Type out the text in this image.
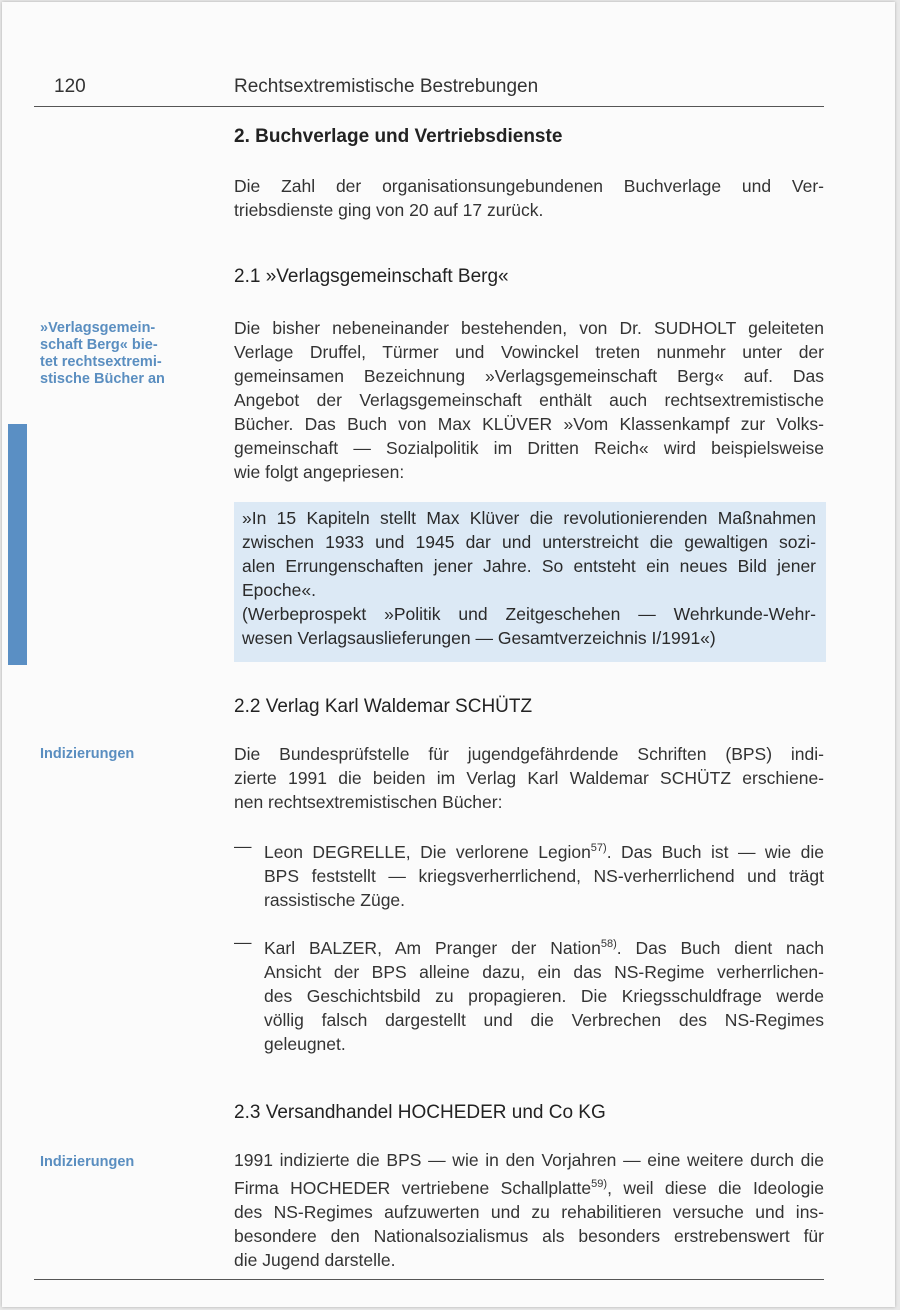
120	Rechtsextremistische Bestrebungen
2. Buchverlage und Vertriebsdienste
Die Zahl der organisationsungebundenen Buchverlage und Ver-
triebsdienste ging von 20 auf 17 zurück.
2.1 »Verlagsgemeinschaft Berg«
»Verlagsgemein-
schaft Berg« bie-
tet rechtsextremi-
stische Bücher an
Die bisher nebeneinander bestehenden, von Dr. SUDHOLT geleiteten
Verlage Druffel, Türmer und Vowinckel treten nunmehr unter der
gemeinsamen Bezeichnung »Verlagsgemeinschaft Berg« auf. Das
Angebot der Verlagsgemeinschaft enthält auch rechtsextremistische
Bücher. Das Buch von Max KLÜVER »Vom Klassenkampf zur Volks-
gemeinschaft — Sozialpolitik im Dritten Reich« wird beispielsweise
wie folgt angepriesen:
»In 15 Kapiteln stellt Max Klüver die revolutionierenden Maßnahmen
zwischen 1933 und 1945 dar und unterstreicht die gewaltigen sozi-
alen Errungenschaften jener Jahre. So entsteht ein neues Bild jener
Epoche«.
(Werbeprospekt »Politik und Zeitgeschehen — Wehrkunde-Wehr-
wesen Verlagsauslieferungen — Gesamtverzeichnis I/1991«)
2.2 Verlag Karl Waldemar SCHÜTZ
Indizierungen	Die Bundesprüfstelle für jugendgefährdende Schriften (BPS) indi-
zierte 1991 die beiden im Verlag Karl Waldemar SCHÜTZ erschiene-
nen rechtsextremistischen Bücher:
— Leon DEGRELLE, Die verlorene Legion$^{57)}$. Das Buch ist — wie die
BPS feststellt — kriegsverherrlichend, NS-verherrlichend und trägt
rassistische Züge.
— Karl BALZER, Am Pranger der Nation$^{58)}$. Das Buch dient nach
Ansicht der BPS alleine dazu, ein das NS-Regime verherrlichen-
des Geschichtsbild zu propagieren. Die Kriegsschuldfrage werde
völlig falsch dargestellt und die Verbrechen des NS-Regimes
geleugnet.
2.3 Versandhandel HOCHEDER und Co KG
Indizierungen	1991 indizierte die BPS — wie in den Vorjahren — eine weitere durch die
Firma HOCHEDER vertriebene Schallplatte$^{59)}$, weil diese die Ideologie
des NS-Regimes aufzuwerten und zu rehabilitieren versuche und ins-
besondere den Nationalsozialismus als besonders erstrebenswert für
die Jugend darstelle.
